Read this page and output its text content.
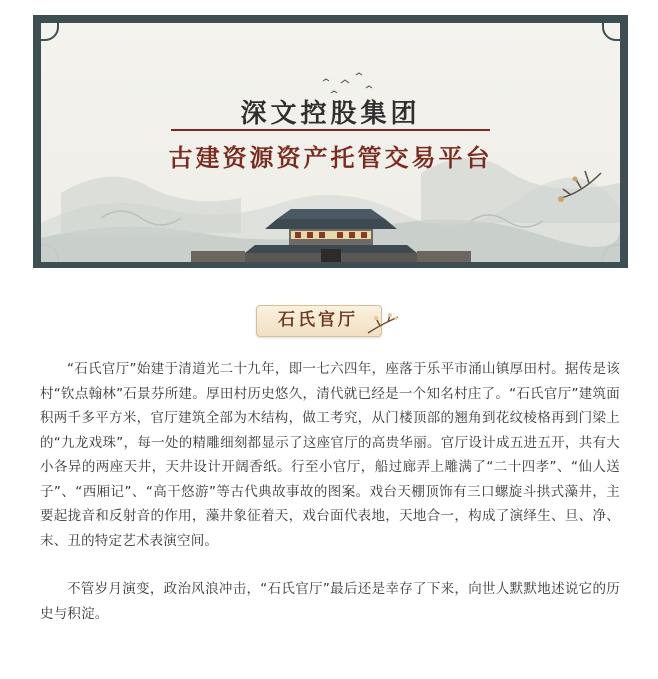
深文控股集团
古建资源资产托管交易平台
石氏官厅

“石氏官厅”始建于清道光二十九年，即一七六四年，座落于乐平市涌山镇厚田村。据传是该村“钦点翰林”石景芬所建。厚田村历史悠久，清代就已经是一个知名村庄了。“石氏官厅”建筑面积两千多平方米，官厅建筑全部为木结构，做工考究，从门楼顶部的翘角到花纹棱格再到门梁上的“九龙戏珠”，每一处的精雕细刻都显示了这座官厅的高贵华丽。官厅设计成五进五开，共有大小各异的两座天井，天井设计开阔香纸。行至小官厅，船过廊弄上雕满了“二十四孝”、“仙人送子”、“西厢记”、“高干悠游”等古代典故事故的图案。戏台天棚顶饰有三口螺旋斗拱式藻井，主要起拢音和反射音的作用，藻井象征着天，戏台面代表地，天地合一，构成了演绎生、旦、净、末、丑的特定艺术表演空间。

不管岁月演变，政治风浪冲击，“石氏官厅”最后还是幸存了下来，向世人默默地述说它的历史与积淀。
